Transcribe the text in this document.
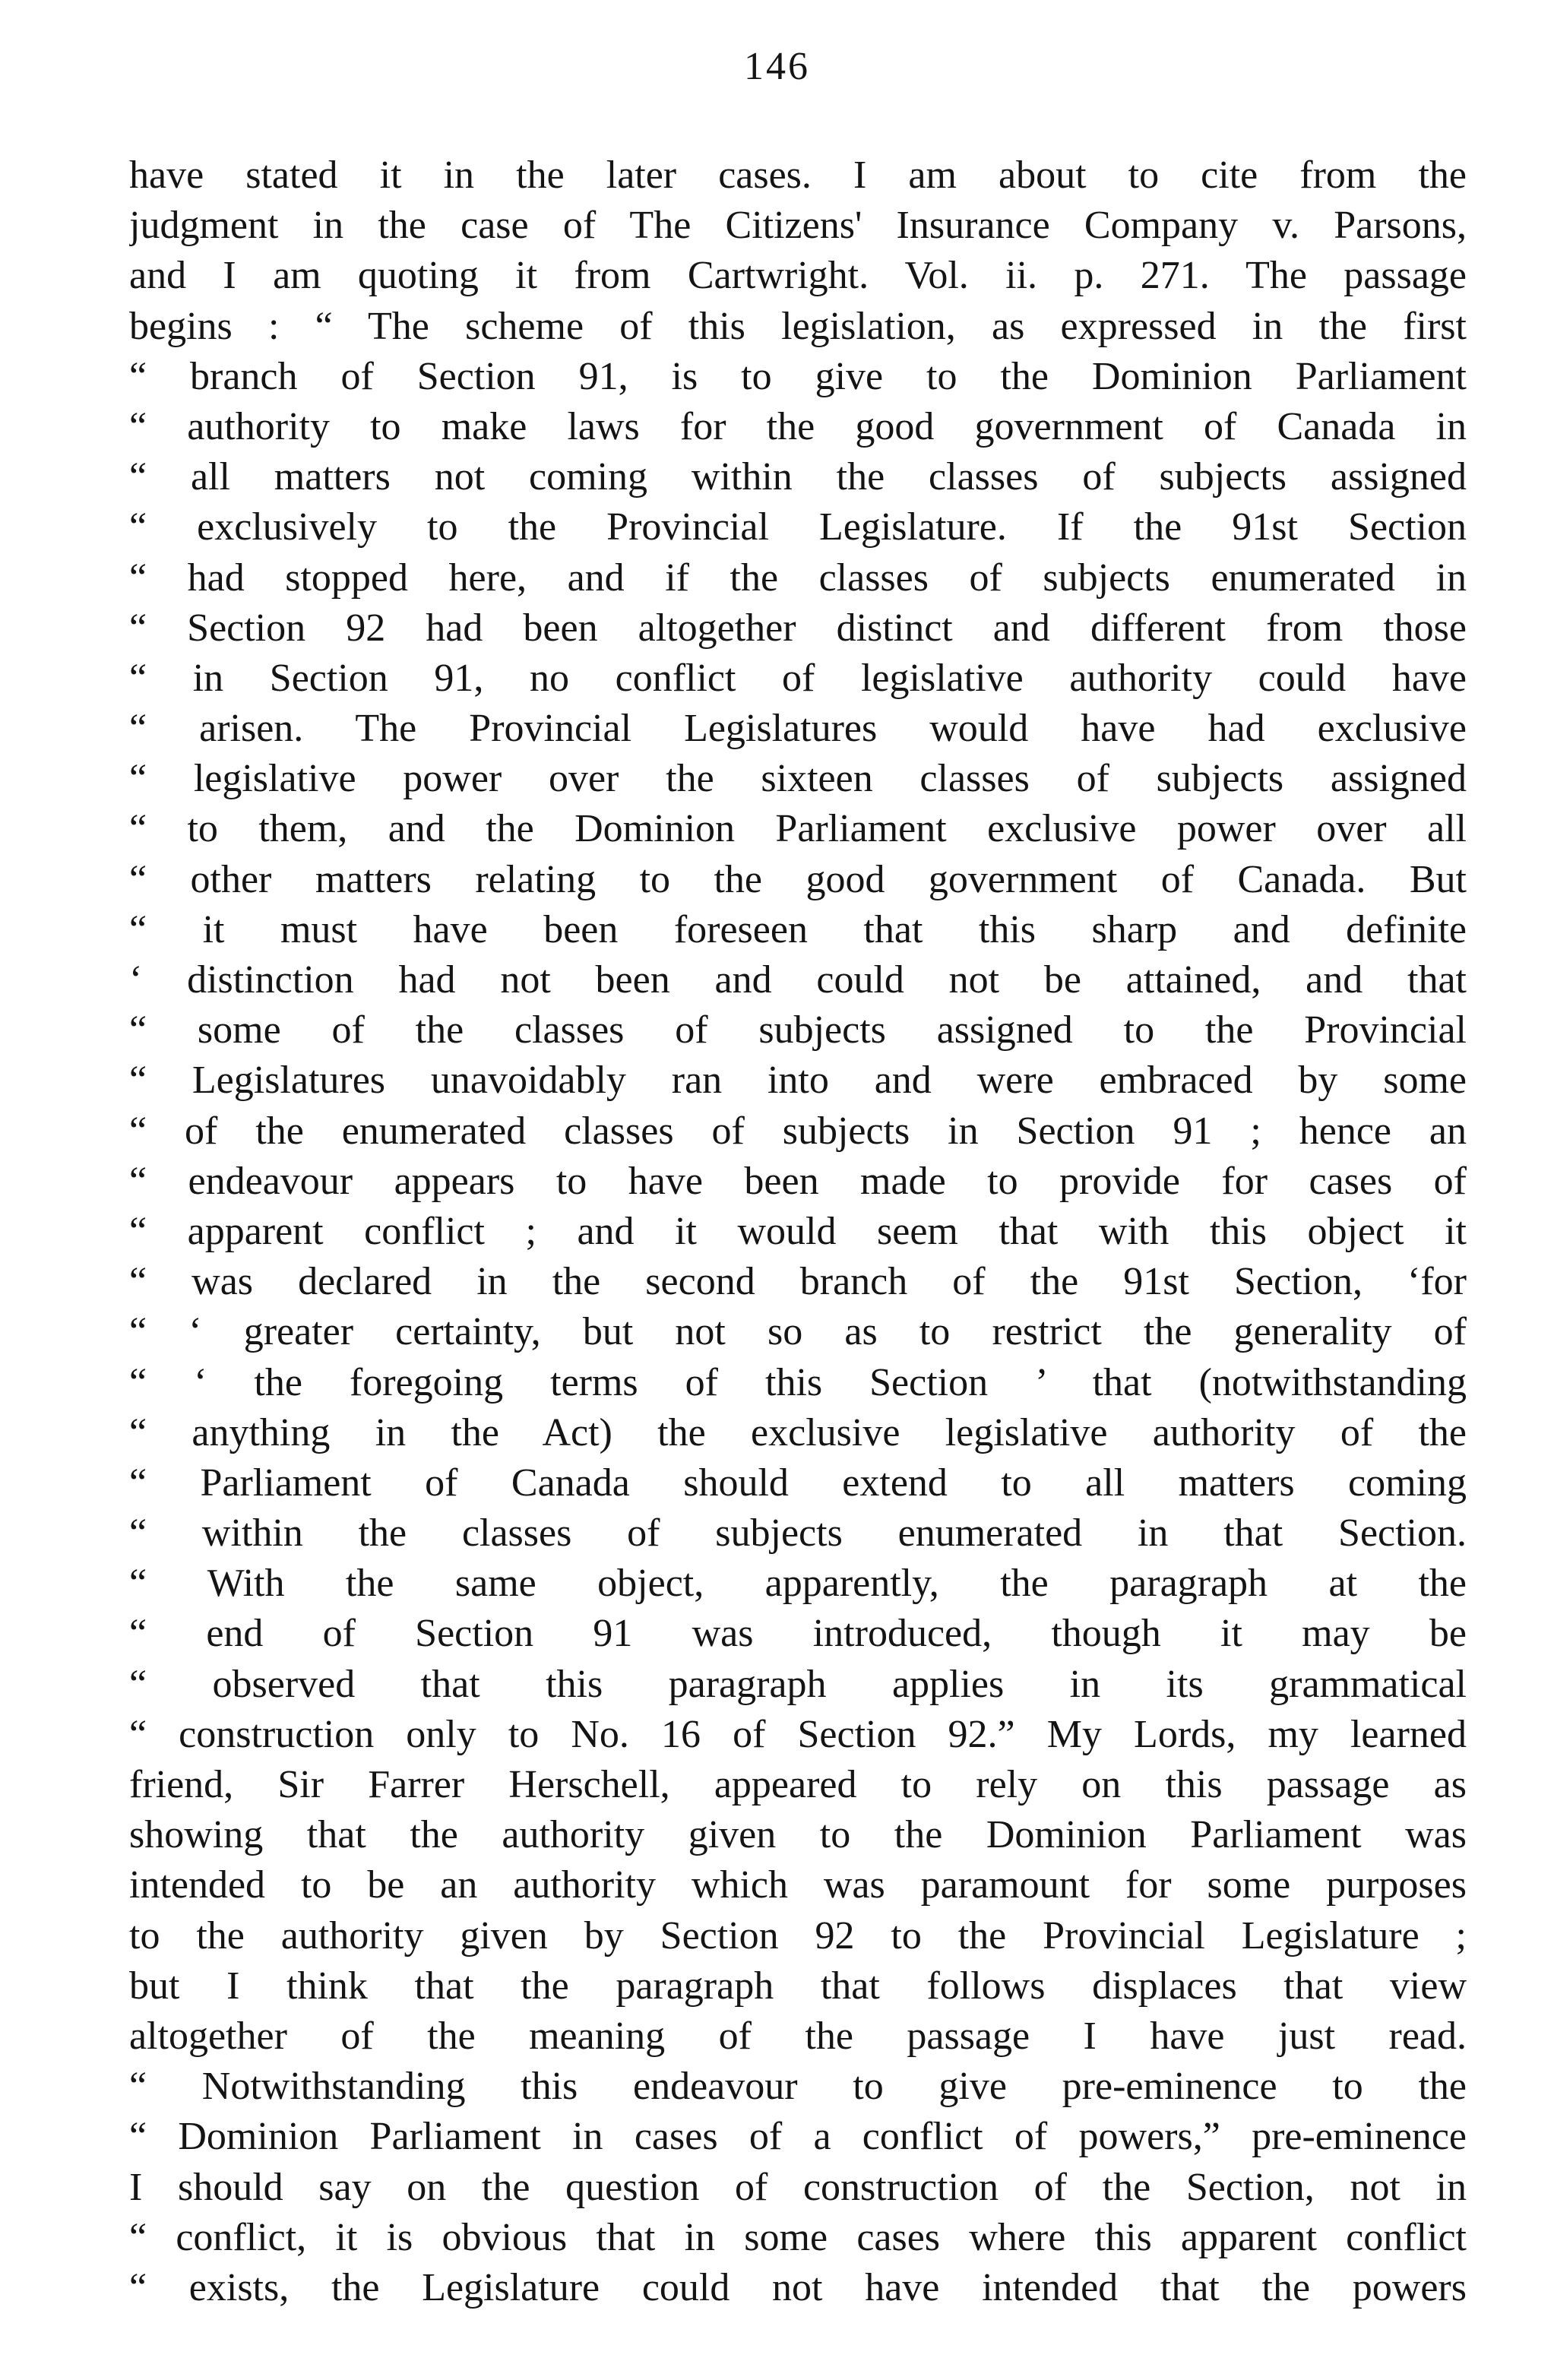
146
have stated it in the later cases. I am about to cite from the
judgment in the case of The Citizens' Insurance Company v. Parsons,
and I am quoting it from Cartwright. Vol. ii. p. 271. The passage
begins : “ The scheme of this legislation, as expressed in the first
“ branch of Section 91, is to give to the Dominion Parliament
“ authority to make laws for the good government of Canada in
“ all matters not coming within the classes of subjects assigned
“ exclusively to the Provincial Legislature. If the 91st Section
“ had stopped here, and if the classes of subjects enumerated in
“ Section 92 had been altogether distinct and different from those
“ in Section 91, no conflict of legislative authority could have
“ arisen. The Provincial Legislatures would have had exclusive
“ legislative power over the sixteen classes of subjects assigned
“ to them, and the Dominion Parliament exclusive power over all
“ other matters relating to the good government of Canada. But
“ it must have been foreseen that this sharp and definite
‘ distinction had not been and could not be attained, and that
“ some of the classes of subjects assigned to the Provincial
“ Legislatures unavoidably ran into and were embraced by some
“ of the enumerated classes of subjects in Section 91 ; hence an
“ endeavour appears to have been made to provide for cases of
“ apparent conflict ; and it would seem that with this object it
“ was declared in the second branch of the 91st Section, ‘for
“ ‘ greater certainty, but not so as to restrict the generality of
“ ‘ the foregoing terms of this Section ’ that (notwithstanding
“ anything in the Act) the exclusive legislative authority of the
“ Parliament of Canada should extend to all matters coming
“ within the classes of subjects enumerated in that Section.
“ With the same object, apparently, the paragraph at the
“ end of Section 91 was introduced, though it may be
“ observed that this paragraph applies in its grammatical
“ construction only to No. 16 of Section 92.” My Lords, my learned
friend, Sir Farrer Herschell, appeared to rely on this passage as
showing that the authority given to the Dominion Parliament was
intended to be an authority which was paramount for some purposes
to the authority given by Section 92 to the Provincial Legislature ;
but I think that the paragraph that follows displaces that view
altogether of the meaning of the passage I have just read.
“ Notwithstanding this endeavour to give pre-eminence to the
“ Dominion Parliament in cases of a conflict of powers,” pre-eminence
I should say on the question of construction of the Section, not in
“ conflict, it is obvious that in some cases where this apparent conflict
“ exists, the Legislature could not have intended that the powers
